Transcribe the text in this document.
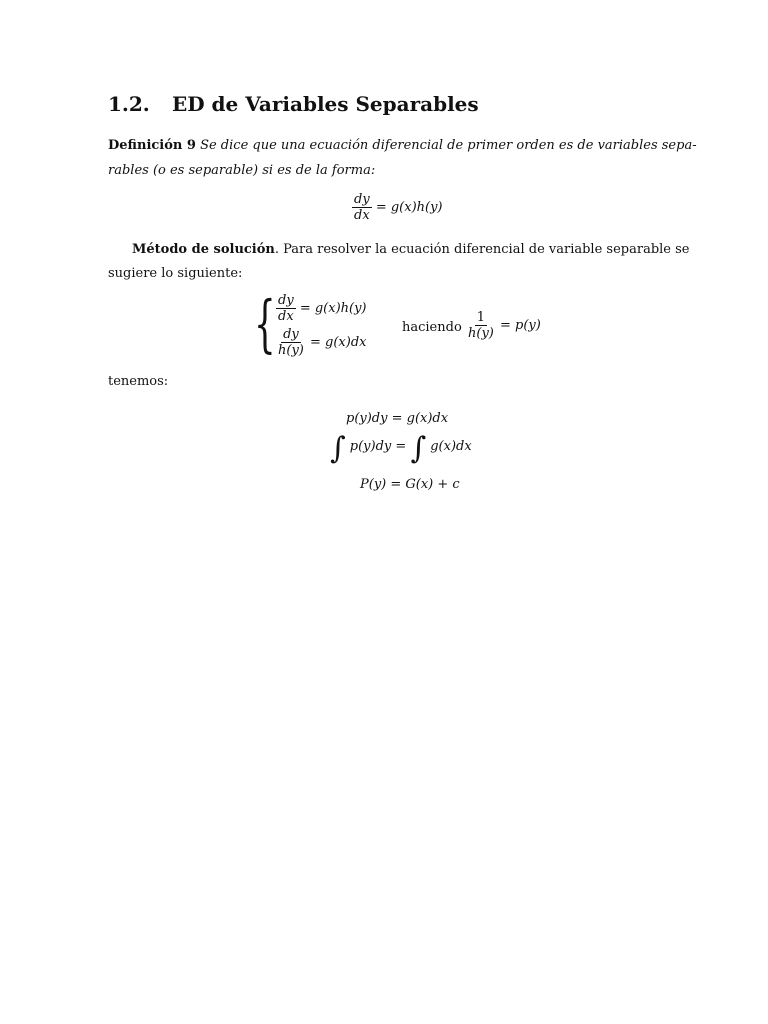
1.2. ED de Variables Separables
Definición 9 Se dice que una ecuación diferencial de primer orden es de variables sepa-
rables (o es separable) si es de la forma:
$\frac{dy}{dx} = g(x)h(y)$
Método de solución. Para resolver la ecuación diferencial de variable separable se
sugiere lo siguiente:
{ $\frac{dy}{dx} = g(x)h(y)$
$\frac{dy}{h(y)} = g(x)dx$
haciendo $\frac{1}{h(y)} = p(y)$
tenemos:
p(y)dy = g(x)dx
∫ p(y)dy = ∫ g(x)dx
P(y) = G(x) + c
